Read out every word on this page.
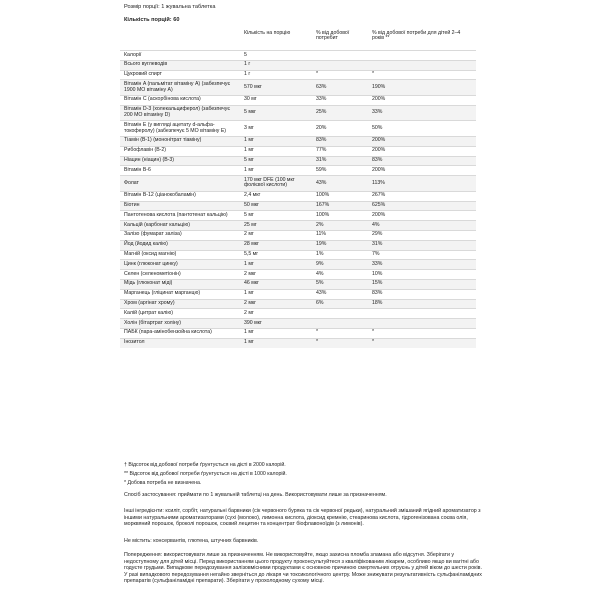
Розмір порції: 1 жувальна таблетка
Кількість порцій: 60
	Кількість на порцію	% від добової потребит	% від добової потреби для дітей 2–4 років **
Калорії	5		
Всього вуглеводів	1 г		
Цукровий спирт	1 г	*	*
Вітамін A (пальмітат вітаміну A) (забезпечує 1900 МО вітаміну A)	570 мкг	63%	190%
Вітамін C (аскорбінова кислота)	30 мг	33%	200%
Вітамін D-3 (холекальциферол) (забезпечує 200 МО вітаміну D)	5 мкг	25%	33%
Вітамін E (у вигляді ацетату d-альфа-токоферолу) (забезпечує 5 МО вітаміну E)	3 мг	20%	50%
Тіамін (B-1) (мононітрат тіаміну)	1 мг	83%	200%
Рибофлавін (B-2)	1 мг	77%	200%
Ніацин (ніацин) (B-3)	5 мг	31%	83%
Вітамін B-6	1 мг	59%	200%
Фолат	170 мкг DFE (100 мкг фолієвої кислоти)	43%	113%
Вітамін B-12 (ціанокобаламін)	2,4 мкг	100%	267%
Біотин	50 мкг	167%	625%
Пантотенова кислота (пантотенат кальцію)	5 мг	100%	200%
Кальцій (карбонат кальцію)	25 мг	2%	4%
Залізо (фумарат заліза)	2 мг	11%	29%
Йод (йодид калію)	28 мкг	19%	31%
Магній (оксид магнію)	5,5 мг	1%	7%
Цинк (глюконат цинку)	1 мг	9%	33%
Селен (селенометіонін)	2 мкг	4%	10%
Мідь (глюконат міді)	46 мкг	5%	15%
Марганець (гліцинат марганцю)	1 мг	43%	83%
Хром (аргінат хрому)	2 мкг	6%	18%
Калій (цитрат калію)	2 мг		
Холін (бітартрат холіну)	390 мкг		
ПАБК (пара-амінобензойна кислота)	1 мг	*	*
Інозитол	1 мг	*	*
† Відсоток від добової потреби ґрунтується на дієті в 2000 калорій.
** Відсоток від добової потреби ґрунтується на дієті в 1000 калорій.
* Добова потреба не визначена.
Спосіб застосування: приймати по 1 жувальній таблетці на день. Використовувати лише за призначенням.
Інші інгредієнти: ксиліт, сорбіт, натуральні барвники (сік червоного буряка та сік червоної редьки), натуральний змішаний ягідний ароматизатор з іншими натуральними ароматизаторами (сухі (молоко), лимонна кислота, діоксид кремнію, стеаринова кислота, гідрогенізована соєва олія, морквяний порошок, броколі порошок, соєвий лецитин та концентрат біофлавоноїдів (з лимонів).
Не містить: консервантів, глютена, штучних барвників.
Попередження: використовувати лише за призначенням. Не використовуйте, якщо захисна пломба зламана або відсутня. Зберігати у недоступному для дітей місці. Перед використанням цього продукту проконсультуйтеся з кваліфікованим лікарем, особливо якщо ви вагітні або годуєте грудьми. Випадкове передозування залізовмісними продуктами є основною причиною смертельних отруєнь у дітей віком до шести років. У разі випадкового передозування негайно зверніться до лікаря чи токсикологічного центру. Може знижувати результативність сульфаніламідних препаратів (сульфаніламідні препарати). Зберігати у прохолодному сухому місці.
